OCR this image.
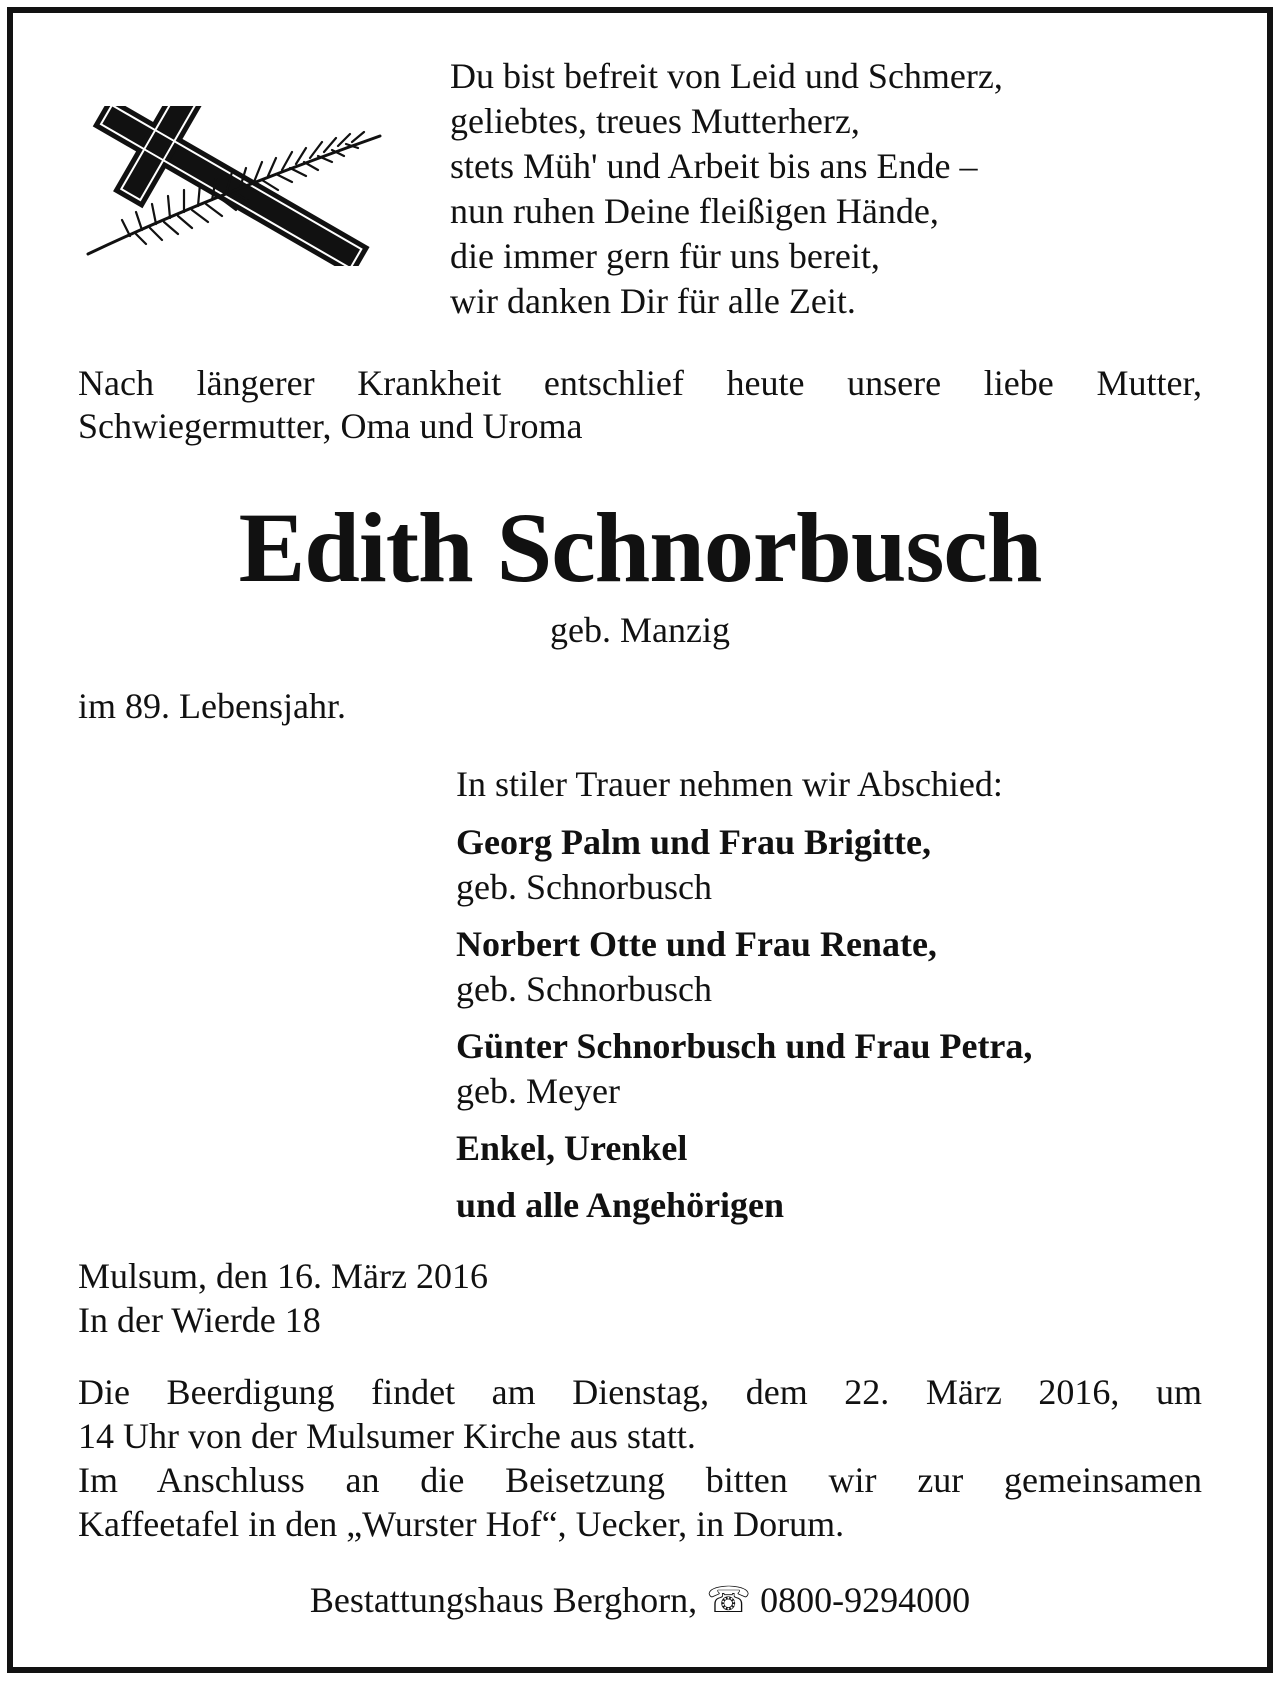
Du bist befreit von Leid und Schmerz,
geliebtes, treues Mutterherz,
stets Müh' und Arbeit bis ans Ende –
nun ruhen Deine fleißigen Hände,
die immer gern für uns bereit,
wir danken Dir für alle Zeit.
Nach längerer Krankheit entschlief heute unsere liebe Mutter,
Schwiegermutter, Oma und Uroma
Edith Schnorbusch
geb. Manzig
im 89. Lebensjahr.
In stiler Trauer nehmen wir Abschied:
Georg Palm und Frau Brigitte,
geb. Schnorbusch
Norbert Otte und Frau Renate,
geb. Schnorbusch
Günter Schnorbusch und Frau Petra,
geb. Meyer
Enkel, Urenkel
und alle Angehörigen
Mulsum, den 16. März 2016
In der Wierde 18
Die Beerdigung findet am Dienstag, dem 22. März 2016, um
14 Uhr von der Mulsumer Kirche aus statt.
Im Anschluss an die Beisetzung bitten wir zur gemeinsamen
Kaffeetafel in den „Wurster Hof“, Uecker, in Dorum.
Bestattungshaus Berghorn, ☏ 0800-9294000
